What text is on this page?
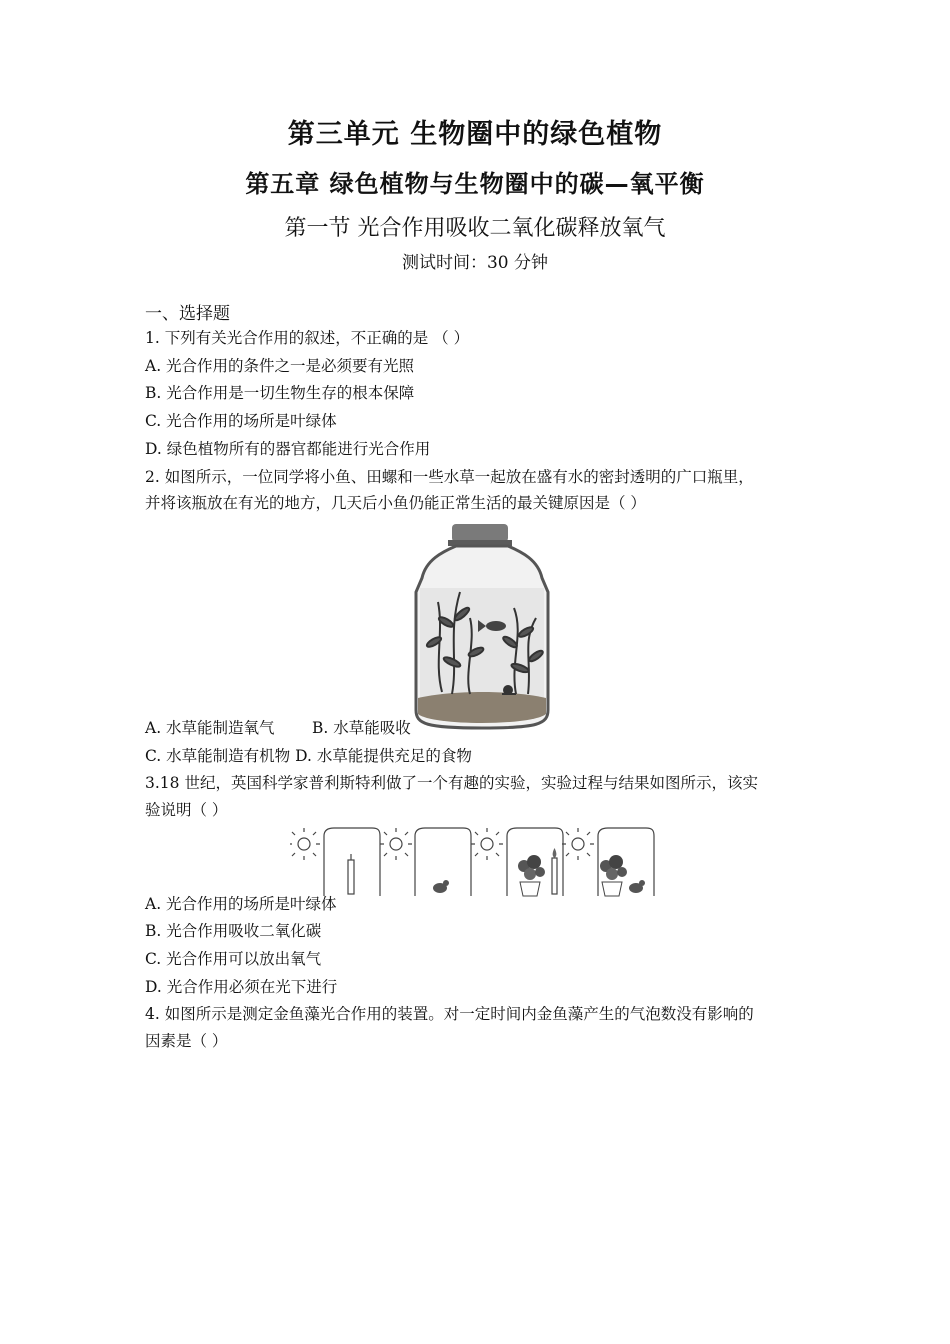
第三单元 生物圈中的绿色植物
第五章 绿色植物与生物圈中的碳—氧平衡
第一节 光合作用吸收二氧化碳释放氧气
测试时间：30 分钟
一、选择题
1. 下列有关光合作用的叙述，不正确的是 （ ）
A. 光合作用的条件之一是必须要有光照
B. 光合作用是一切生物生存的根本保障
C. 光合作用的场所是叶绿体
D. 绿色植物所有的器官都能进行光合作用
2. 如图所示，一位同学将小鱼、田螺和一些水草一起放在盛有水的密封透明的广口瓶里，
并将该瓶放在有光的地方，几天后小鱼仍能正常生活的最关键原因是（ ）
A. 水草能制造氧气 B. 水草能吸收
C. 水草能制造有机物 D. 水草能提供充足的食物
3.18 世纪，英国科学家普利斯特利做了一个有趣的实验，实验过程与结果如图所示，该实
验说明（ ）
A. 光合作用的场所是叶绿体
B. 光合作用吸收二氧化碳
C. 光合作用可以放出氧气
D. 光合作用必须在光下进行
4. 如图所示是测定金鱼藻光合作用的装置。对一定时间内金鱼藻产生的气泡数没有影响的
因素是（ ）
